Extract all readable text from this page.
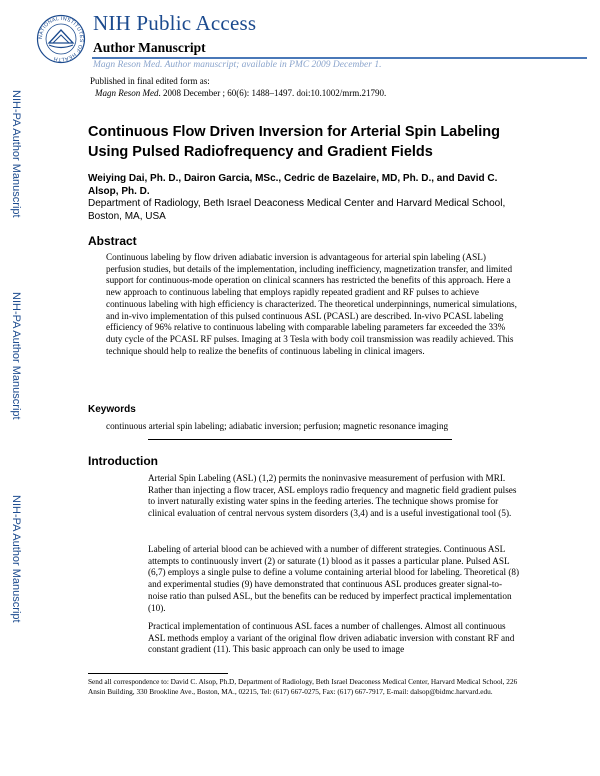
NATIONAL INSTITUTES OF HEALTH
NIH Public Access
Author Manuscript
Magn Reson Med. Author manuscript; available in PMC 2009 December 1.
NIH-PA Author Manuscript
NIH-PA Author Manuscript
NIH-PA Author Manuscript
Published in final edited form as:
Magn Reson Med. 2008 December ; 60(6): 1488–1497. doi:10.1002/mrm.21790.
Continuous Flow Driven Inversion for Arterial Spin Labeling Using Pulsed Radiofrequency and Gradient Fields
Weiying Dai, Ph. D., Dairon Garcia, MSc., Cedric de Bazelaire, MD, Ph. D., and David C. Alsop, Ph. D.
Department of Radiology, Beth Israel Deaconess Medical Center and Harvard Medical School, Boston, MA, USA
Abstract
Continuous labeling by flow driven adiabatic inversion is advantageous for arterial spin labeling (ASL) perfusion studies, but details of the implementation, including inefficiency, magnetization transfer, and limited support for continuous-mode operation on clinical scanners has restricted the benefits of this approach. Here a new approach to continuous labeling that employs rapidly repeated gradient and RF pulses to achieve continuous labeling with high efficiency is characterized. The theoretical underpinnings, numerical simulations, and in-vivo implementation of this pulsed continuous ASL (PCASL) are described. In-vivo PCASL labeling efficiency of 96% relative to continuous labeling with comparable labeling parameters far exceeded the 33% duty cycle of the PCASL RF pulses. Imaging at 3 Tesla with body coil transmission was readily achieved. This technique should help to realize the benefits of continuous labeling in clinical imagers.
Keywords
continuous arterial spin labeling; adiabatic inversion; perfusion; magnetic resonance imaging
Introduction
Arterial Spin Labeling (ASL) (1,2) permits the noninvasive measurement of perfusion with MRI. Rather than injecting a flow tracer, ASL employs radio frequency and magnetic field gradient pulses to invert naturally existing water spins in the feeding arteries. The technique shows promise for clinical evaluation of central nervous system disorders (3,4) and is a useful investigational tool (5).
Labeling of arterial blood can be achieved with a number of different strategies. Continuous ASL attempts to continuously invert (2) or saturate (1) blood as it passes a particular plane. Pulsed ASL (6,7) employs a single pulse to define a volume containing arterial blood for labeling. Theoretical (8) and experimental studies (9) have demonstrated that continuous ASL produces greater signal-to-noise ratio than pulsed ASL, but the benefits can be reduced by imperfect practical implementation (10).
Practical implementation of continuous ASL faces a number of challenges. Almost all continuous ASL methods employ a variant of the original flow driven adiabatic inversion with constant RF and constant gradient (11). This basic approach can only be used to image
Send all correspondence to: David C. Alsop, Ph.D, Department of Radiology, Beth Israel Deaconess Medical Center, Harvard Medical School, 226 Ansin Building, 330 Brookline Ave., Boston, MA., 02215, Tel: (617) 667-0275, Fax: (617) 667-7917, E-mail: dalsop@bidmc.harvard.edu.
